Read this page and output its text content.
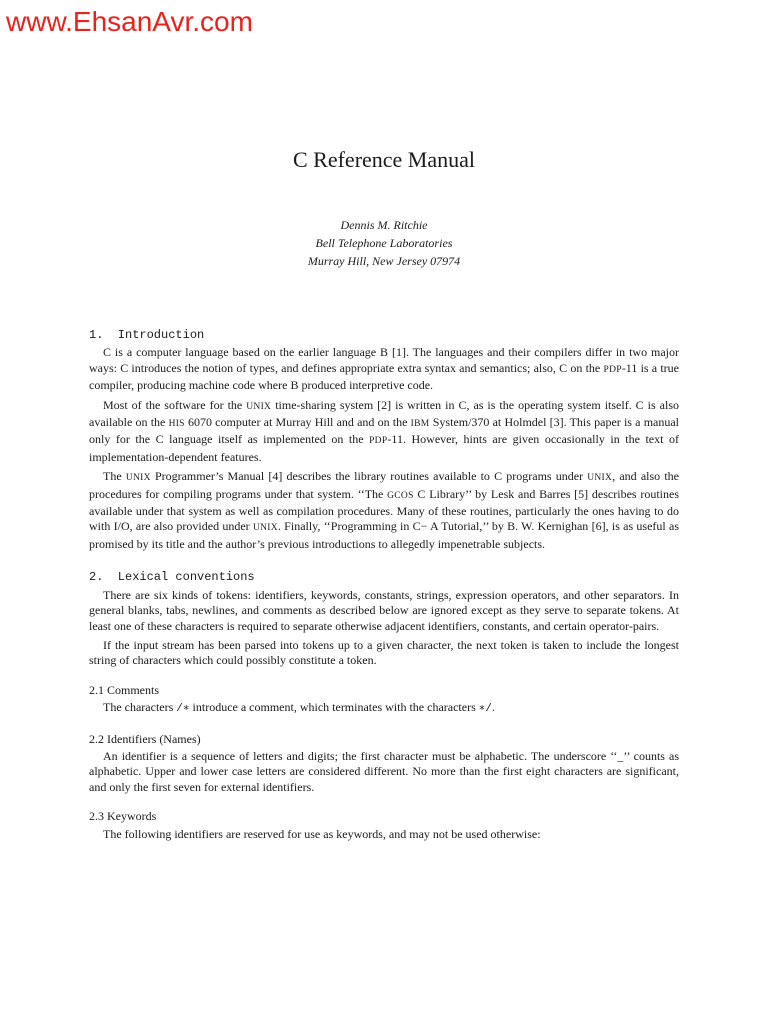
www.EhsanAvr.com
C Reference Manual
Dennis M. Ritchie
Bell Telephone Laboratories
Murray Hill, New Jersey 07974
1.  Introduction

C is a computer language based on the earlier language B [1]. The languages and their compilers differ in two major ways: C introduces the notion of types, and defines appropriate extra syntax and semantics; also, C on the PDP-11 is a true compiler, producing machine code where B produced interpretive code.

Most of the software for the UNIX time-sharing system [2] is written in C, as is the operating system itself. C is also available on the HIS 6070 computer at Murray Hill and and on the IBM System/370 at Holmdel [3]. This paper is a manual only for the C language itself as implemented on the PDP-11. However, hints are given occasionally in the text of implementation-dependent features.

The UNIX Programmer’s Manual [4] describes the library routines available to C programs under UNIX, and also the procedures for compiling programs under that system. ‘‘The GCOS C Library’’ by Lesk and Barres [5] describes routines available under that system as well as compilation procedures. Many of these routines, particularly the ones having to do with I/O, are also provided under UNIX. Finally, ‘‘Programming in C− A Tutorial,’’ by B. W. Kernighan [6], is as useful as promised by its title and the author’s previous introductions to allegedly impenetrable subjects.

2.  Lexical conventions

There are six kinds of tokens: identifiers, keywords, constants, strings, expression operators, and other separators. In general blanks, tabs, newlines, and comments as described below are ignored except as they serve to separate tokens. At least one of these characters is required to separate otherwise adjacent identifiers, constants, and certain operator-pairs.

If the input stream has been parsed into tokens up to a given character, the next token is taken to include the longest string of characters which could possibly constitute a token.

2.1 Comments

The characters /∗ introduce a comment, which terminates with the characters ∗/.

2.2 Identifiers (Names)

An identifier is a sequence of letters and digits; the first character must be alphabetic. The underscore ‘‘_’’ counts as alphabetic. Upper and lower case letters are considered different. No more than the first eight characters are significant, and only the first seven for external identifiers.

2.3 Keywords

The following identifiers are reserved for use as keywords, and may not be used otherwise:
